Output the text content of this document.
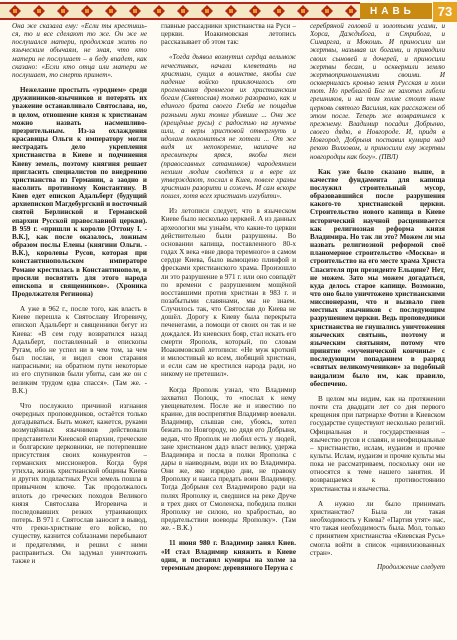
НАВЬ	73

Она же сказала ему: «Если ты крестишь-ся, то и все сделают то же. Он же не послушался матери, продолжая жить по языческим обычаям, не зная, что кто матери не послушает – в беду впадет, как сказано: «Если кто отца или матери не послушает, то смерть примет».

Нежелание простыть «уроднем» среди дружинников-язычников и потерять их уважение останавливало Святослава, но, в целом, отношение князя к христианам можно назвать насмешливо-презрительным. Из-за охлаждения красавицы Ольги к императору могли нестрадать дело укрепления христианства в Киеве и подчинения Киеву земель, поэтому княгиня решает пригласить специалистов по внедрению христианства из Германии, а заодно и насолить противному Константину. В Киев едет епископ Адальберт (будущий архиепископ Магдебургский и восточный святой Берлинской и Германской епархии Русской православной церкви). В 959 г. «пришли к королю [Оттону I. - В.К.], как после оказалось, ложным образом послы Елены (княгини Ольги. - В.К.), королевы Русов, которая при константинопольском императоре Романе крестилась в Константинополе, и просили посвятить для этого народа епископа и священников». (Хроника Продолжателя Регинона)

А уже в 962 г., после того, как власть в Киеве перешла к Святославу Игоревичу, епископ Адальберт и священники бегут из Киева: «В сем году возвратился назад Адальберт, поставленный в епископы Ругам, ибо не успел ни в чем том, за чем был послан, и видел свои старания напрасными; на обратном пути некоторые из его спутников были убиты, сам же он с великим трудом едва спасся». (Там же. - В.К.)

Что послужило причиной изгнания очередных проповедников, остаётся только догадываться. Быть может, кажется, руками возмущённых язычников действовали представители Киевской епархии, греческие и болгарские церковники, не потерпевшие присутствия своих конкурентов – германских миссионеров. Когда буря утихла, жизнь христианской общины Киева и других подвластных Руси земель пошла в привычном ключе. Так продолжалось вплоть до греческих походов Великого князя Святослава Игоревича и последовавших резких утраивающих потерь. В 971 г. Святослав заносит в вывод, что греки-христиане его войско, по существу, казнится соблазнами перебывают и предателями, и решил с ними расправиться. Он задумал уничтожить также и

главные рассадники христианства на Руси – церкви. Иоакимовская летопись рассказывает об этом так:

«Тогда дьявол возмутил сердца вельмож нечестивых, начали клеветать на христиан, сущих в воинстве, якобы сие падение войско приключилось от прогневания древнегов их христианским богам (Святослав) только разорвано, как и единого брата своего Глеба не пощадив разными муки томил убившие ... Они же (крещёные русы) с радостью на мученье шли, а веры христовой отвергнуть и идолам поклониться не хотели ... От же видя их непокорение, наипаче на пресвитеры яряся, якобы тем (православных сатанинков) чародеянием нехиим людам сводятся и в вере их утверждают, послал в Киев, повеле храмы христиан разорити и сожечь. И сам вскоре пошел, хотя всех христианъ изгубити».

Из летописи следует, что в языческом Киеве было несколько церквей. А из данных археологии мы узнаём, что какие-то церкви действительно были разрушены. Во основании капища, поставленного 80-х годах X века «вне двора теремного» в самом сердце Киева, было вымощено плинфой и фресками христианского храма. Произошло ли это разрушение в 971 г. или оно совпадёт по времени с разрушением мощёной восставшими против христиан в 983 г. и позабытыми славянами, мы не знаем. Случилось так, что Святослав до Киева не дошёл. Дорогу к Киеву была перекрыта печенегами, а помощи от своих он так и не дождался. Из киевских бояр, стал искать его смерти Ярополк, который, по словам Иоакимовской летописи: «Не муж кроткий и милостивый ко всем, любящий христиан, и если сам не крестился народа ради, но никому не претешил».

Когда Ярополк узнал, что Владимир захватил Полоцк, то «послал к нему увещевателем. После же и известию по краине, для воспрепятия Владимир воевали. Владимир, слышав сие, убоясь, хотел бежать по Новгороду, но дядя его Добрыня, ведав, что Ярополк не любил есть у людей, зане христианом дадэ власт велику, удержа Владимира и посла в полки Ярополка с дары в наиводным, води их во Владимира. Они же, яко изрядно дни, не правоку Ярополку и наиса предать воин Владимиру. Тогда Добрыня сел Владимирово ради на полях Ярополку и, сведшися на реке Друче в трех днях от Смоленска, победила полки Ярополку не силою, но храбростью, во предательствии воеводы Ярополку». (Там же. - В.К.)

11 июня 980 г. Владимир занял Киев. «И стал Владимир княжить в Киеве один, и поставил кумиры на холме за теремным двором: деревянного Перуна с

серебряной головой и золотыми усами, и Хорса, Даждьбога, и Стрибога, и Симаргла, и Мокошь. И приносили им жертвы, называя их богами, и приводили своих сыновей и дочерей, и приносили жертвы бесам, и осквернили землю жертвоприношениями своими. И осквернилась кровью земля Русская и холм тот. Но преблагой Бог не захотел гибели грешников, и на том холме стоит ныне церковь святого Василия, как расскажем об этом после. Теперь же возвратимся к прежнему. Владимир посадил Добрыню, своего дядю, в Новгороде. И, придя в Новгород, Добрыня поставил кумира над рекою Волховом, и приносили ему жертвы новгородцы как богу». (ПВЛ)

Как уже было сказано выше, в качестве фундамента для капища послужил строительный мусор, образовавшийся после разрушения какого-то христианской церкви. Строительство нового капища в Киеве исторический научной расценивается как религиозная реформа князя Владимира. Но так ли это? Можем ли мы назвать религиозной реформой своё планомерное строительство «Москва» и строительство на его месте храма Христа Спасителя при президенте Ельцине? Нет, не можем. Зато мы можем догадаться, куда делось старое капище. Возможно, что оно было уничтожено христианскими миссионерами, что и вызвало гнев местных язычников с последующим разрушением церкви. Ведь проповедники христианства не гнушались уничтожения языческих святынь, поэтому и языческим святыням, потому что принятие «мученической кончины» с последующим попаданием в разряд «святых великомучеников» за подобный вандализм было им, как правило, обеспечено.

В целом мы видим, как на протяжении почти ста двадцати лет со дня первого крещения при патриархе Фотии в Киевском государстве существуют несколько религий. Официальная и государственная – язычество русов и славян, и неофициальные – христианство, ислам, иудаизм и прочие культы. Ислам, иудаизм и прочие культы мы пока не рассматриваем, поскольку они не относятся к теме нашего занятия. И возвращаемся к противостоянию христианства и язычества.

А нужно ли было принимать христианство? Была ли такая необходимость у Киева? «Партия утят» нас, что такая необходимость была. Мол, только с принятием христианства «Киевская Русь» смогла войти в список «цивилизованных стран».

Продолжение следует
